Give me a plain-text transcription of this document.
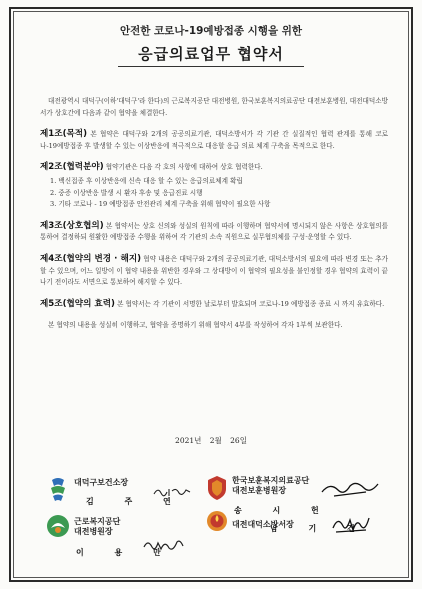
안전한 코로나-19예방접종 시행을 위한
응급의료업무 협약서

대전광역시 대덕구(이하'대덕구'라 한다)의 근로복지공단 대전병원, 한국보훈복지의료공단 대전보훈병원, 대전대덕소방서가 상호간에 다음과 같이 협약을 체결한다.

제1조(목적) 본 협약은 대덕구와 2개의 공공의료기관, 대덕소방서가 각 기관 간 실질적인 협력 관계를 통해 코로나-19예방접종 후 발생할 수 있는 이상반응에 적극적으로 대응할 응급 의료 체계 구축을 목적으로 한다.

제2조(협력분야) 협약기관은 다음 각 호의 사항에 대하여 상호 협력한다.

1. 백신접종 후 이상반응에 신속 대응 할 수 있는 응급의료체계 확립
2. 중증 이상반응 발생 시 환자 후송 및 응급진료 시행
3. 기타 코로나 - 19 예방접종 안전관리 체계 구축을 위해 협약이 필요한 사항

제3조(상호협의) 본 협약서는 상호 신의와 성실의 원칙에 따라 이행하며 협약서에 명시되지 않은 사항은 상호협의를 통하여 결정하되 원활한 예방접종 수행을 위하여 각 기관의 소속 직원으로 실무협의체를 구성·운영할 수 있다.

제4조(협약의 변경 · 해지) 협약 내용은 대덕구와 2개의 공공의료기관, 대덕소방서의 필요에 따라 변경 또는 추가할 수 있으며, 어느 일방이 이 협약 내용을 위반한 경우와 그 상대방이 이 협약의 필요성을 불인정할 경우 협약의 효력이 끝나기 전이라도 서면으로 통보하여 해지할 수 있다.

제5조(협약의 효력) 본 협약서는 각 기관이 서명한 날로부터 발효되며 코로나-19 예방접종 종료 시 까지 유효하다.

본 협약의 내용을 성실히 이행하고, 협약을 증명하기 위해 협약서 4부를 작성하여 각자 1부씩 보관한다.

2021년 2월 26일
대덕구보건소장
김 주 연
근로복지공단
대전병원장
이 용 만
한국보훈복지의료공단
대전보훈병원장
송 시 헌
대전대덕소방서장
남 기 건
